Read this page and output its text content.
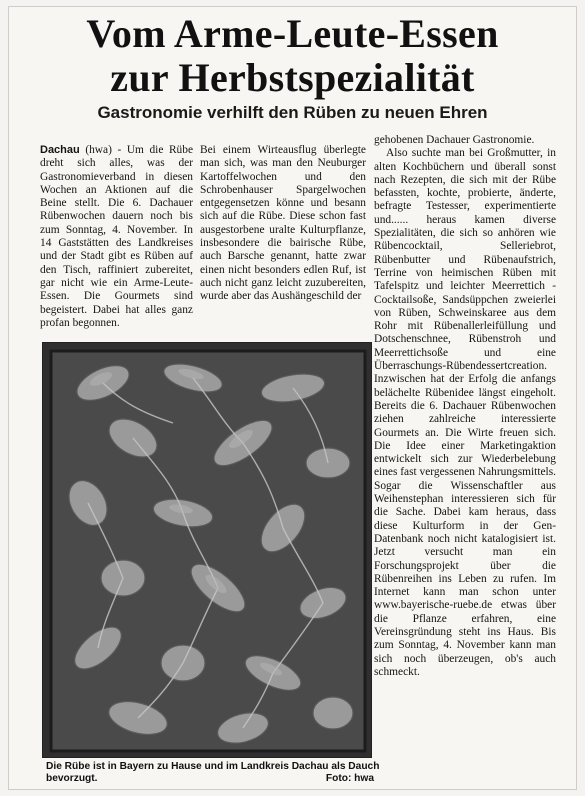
Vom Arme-Leute-Essen
zur Herbstspezialität
Gastronomie verhilft den Rüben zu neuen Ehren
Dachau (hwa) - Um die Rübe dreht sich alles, was der Gastronomieverband in diesen Wochen an Aktionen auf die Beine stellt. Die 6. Dachauer Rübenwochen dauern noch bis zum Sonntag, 4. November. In 14 Gaststätten des Landkreises und der Stadt gibt es Rüben auf den Tisch, raffiniert zubereitet, gar nicht wie ein Arme-Leute-Essen. Die Gourmets sind begeistert. Dabei hat alles ganz profan begonnen.
Bei einem Wirteausflug überlegte man sich, was man den Neuburger Kartoffelwochen und den Schrobenhauser Spargelwochen entgegensetzen könne und besann sich auf die Rübe. Diese schon fast ausgestorbene uralte Kulturpflanze, insbesondere die bairische Rübe, auch Barsche genannt, hatte zwar einen nicht besonders edlen Ruf, ist auch nicht ganz leicht zuzubereiten, wurde aber das Aushängeschild der

gehobenen Dachauer Gastronomie.

Also suchte man bei Großmutter, in alten Kochbüchern und überall sonst nach Rezepten, die sich mit der Rübe befassten, kochte, probierte, änderte, befragte Testesser, experimentierte und...... heraus kamen diverse Spezialitäten, die sich so anhören wie Rübencocktail, Selleriebrot, Rübenbutter und Rübenaufstrich, Terrine von heimischen Rüben mit Tafelspitz und leichter Meerrettich - Cocktailsoße, Sandsüppchen zweierlei von Rüben, Schweinskaree aus dem Rohr mit Rübenallerleifüllung und Dotschenschnee, Rübenstroh und Meerrettichsoße und eine Überraschungs-Rübendessertcreation. Inzwischen hat der Erfolg die anfangs belächelte Rübenidee längst eingeholt. Bereits die 6. Dachauer Rübenwochen ziehen zahlreiche interessierte Gourmets an. Die Wirte freuen sich. Die Idee einer Marketingaktion entwickelt sich zur Wiederbelebung eines fast vergessenen Nahrungsmittels. Sogar die Wissenschaftler aus Weihenstephan interessieren sich für die Sache. Dabei kam heraus, dass diese Kulturform in der Gen-Datenbank noch nicht katalogisiert ist. Jetzt versucht man ein Forschungsprojekt über die Rübenreihen ins Leben zu rufen. Im Internet kann man schon unter www.bayerische-ruebe.de etwas über die Pflanze erfahren, eine Vereinsgründung steht ins Haus. Bis zum Sonntag, 4. November kann man sich noch überzeugen, ob's auch schmeckt.

Die Rübe ist in Bayern zu Hause und im Landkreis Dachau als Dauch bevorzugt.	Foto: hwa
